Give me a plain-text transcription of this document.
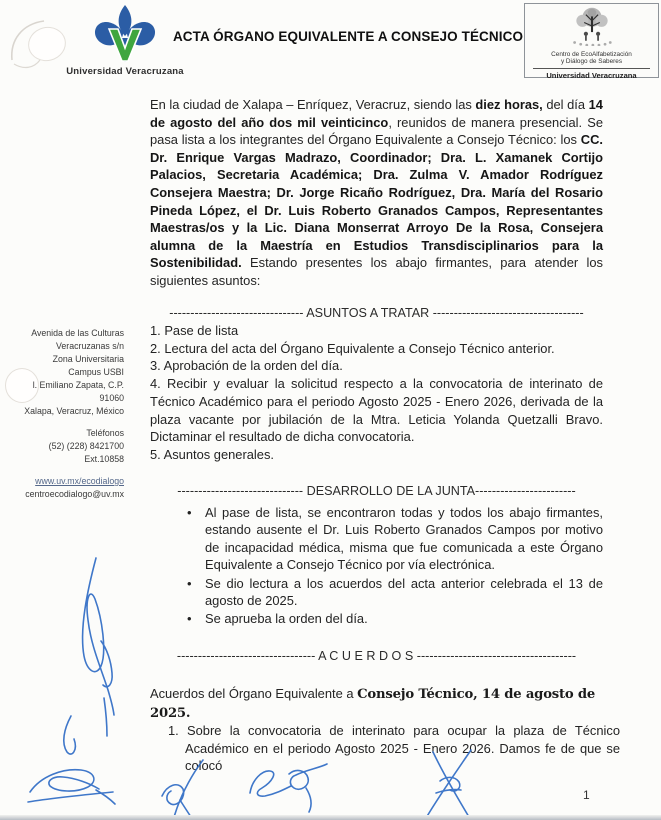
Universidad Veracruzana
ACTA ÓRGANO EQUIVALENTE A CONSEJO TÉCNICO
Centro de EcoAlfabetización
y Diálogo de Saberes
Universidad Veracruzana
Avenida de las Culturas
Veracruzanas s/n
Zona Universitaria
Campus USBI
l. Emiliano Zapata, C.P.
91060
Xalapa, Veracruz, México
Teléfonos
(52) (228) 8421700
Ext.10858
www.uv.mx/ecodialogo
centroecodialogo@uv.mx
En la ciudad de Xalapa – Enríquez, Veracruz, siendo las diez horas, del día 14 de agosto del año dos mil veinticinco, reunidos de manera presencial. Se pasa lista a los integrantes del Órgano Equivalente a Consejo Técnico: los CC. Dr. Enrique Vargas Madrazo, Coordinador; Dra. L. Xamanek Cortijo Palacios, Secretaria Académica; Dra. Zulma V. Amador Rodríguez Consejera Maestra; Dr. Jorge Ricaño Rodríguez, Dra. María del Rosario Pineda López, el Dr. Luis Roberto Granados Campos, Representantes Maestras/os y la Lic. Diana Monserrat Arroyo De la Rosa, Consejera alumna de la Maestría en Estudios Transdisciplinarios para la Sostenibilidad. Estando presentes los abajo firmantes, para atender los siguientes asuntos:
-------------------------------- ASUNTOS A TRATAR ------------------------------------
1. Pase de lista
2. Lectura del acta del Órgano Equivalente a Consejo Técnico anterior.
3. Aprobación de la orden del día.
4. Recibir y evaluar la solicitud respecto a la convocatoria de interinato de Técnico Académico para el periodo Agosto 2025 - Enero 2026, derivada de la plaza vacante por jubilación de la Mtra. Leticia Yolanda Quetzalli Bravo. Dictaminar el resultado de dicha convocatoria.
5. Asuntos generales.
------------------------------ DESARROLLO DE LA JUNTA------------------------
• Al pase de lista, se encontraron todas y todos los abajo firmantes, estando ausente el Dr. Luis Roberto Granados Campos por motivo de incapacidad médica, misma que fue comunicada a este Órgano Equivalente a Consejo Técnico por vía electrónica.
• Se dio lectura a los acuerdos del acta anterior celebrada el 13 de agosto de 2025.
• Se aprueba la orden del día.
--------------------------------- A C U E R D O S --------------------------------------
Acuerdos del Órgano Equivalente a Consejo Técnico, 14 de agosto de 2025.
1. Sobre la convocatoria de interinato para ocupar la plaza de Técnico Académico en el periodo Agosto 2025 - Enero 2026. Damos fe de que se colocó
1
